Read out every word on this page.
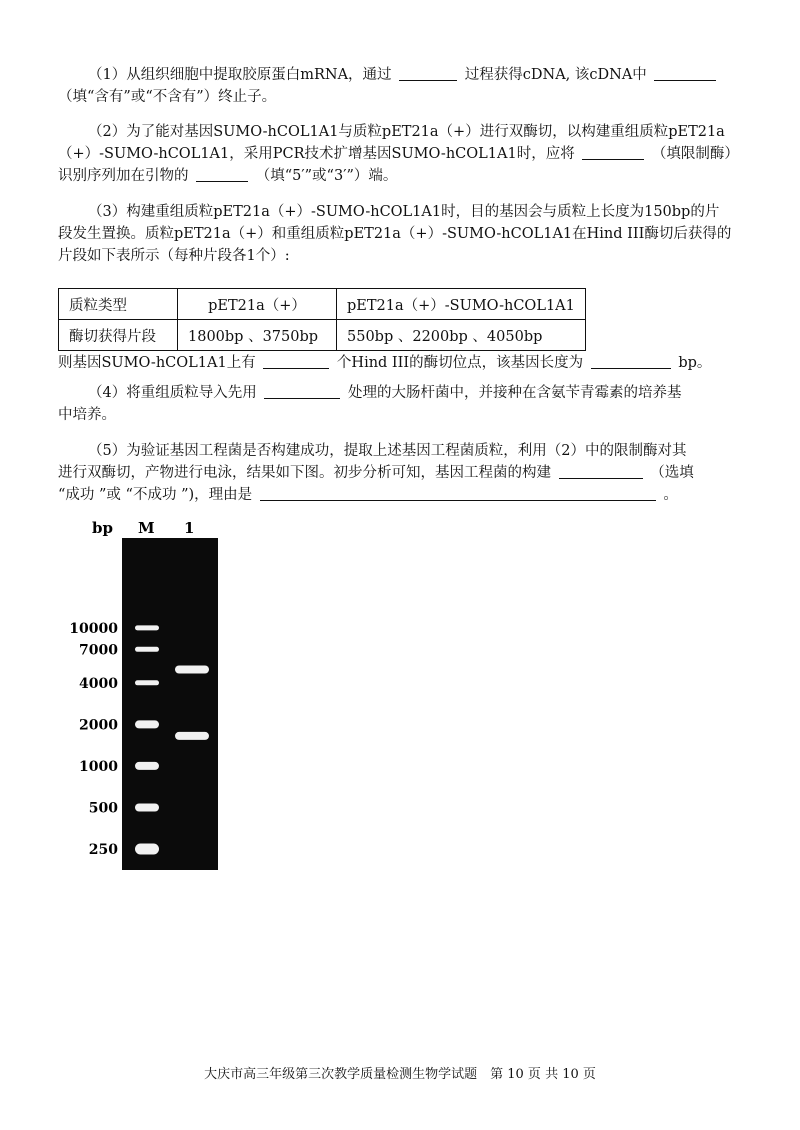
（1）从组织细胞中提取胶原蛋白mRNA，通过	过程获得cDNA, 该cDNA中
（填“含有”或“不含有”）终止子。
（2）为了能对基因SUMO-hCOL1A1与质粒pET21a（+）进行双酶切，以构建重组质粒pET21a
（+）-SUMO-hCOL1A1，采用PCR技术扩增基因SUMO-hCOL1A1时，应将	（填限制酶）
识别序列加在引物的	（填“5′”或“3′”）端。
（3）构建重组质粒pET21a（+）-SUMO-hCOL1A1时，目的基因会与质粒上长度为150bp的片
段发生置换。质粒pET21a（+）和重组质粒pET21a（+）-SUMO-hCOL1A1在Hind III酶切后获得的
片段如下表所示（每种片段各1个）:
质粒类型	pET21a（+）	pET21a（+）-SUMO-hCOL1A1
酶切获得片段	1800bp 、3750bp	550bp 、2200bp 、4050bp
则基因SUMO-hCOL1A1上有	个Hind III的酶切位点，该基因长度为	bp。
（4）将重组质粒导入先用	处理的大肠杆菌中，并接种在含氨苄青霉素的培养基
中培养。
（5）为验证基因工程菌是否构建成功，提取上述基因工程菌质粒，利用（2）中的限制酶对其
进行双酶切，产物进行电泳，结果如下图。初步分析可知，基因工程菌的构建	（选填
“成功 ”或 “不成功 ”)，理由是	。
bp M 1
10000
7000
4000
2000
1000
500
250
大庆市高三年级第三次教学质量检测生物学试题　第 10 页 共 10 页
